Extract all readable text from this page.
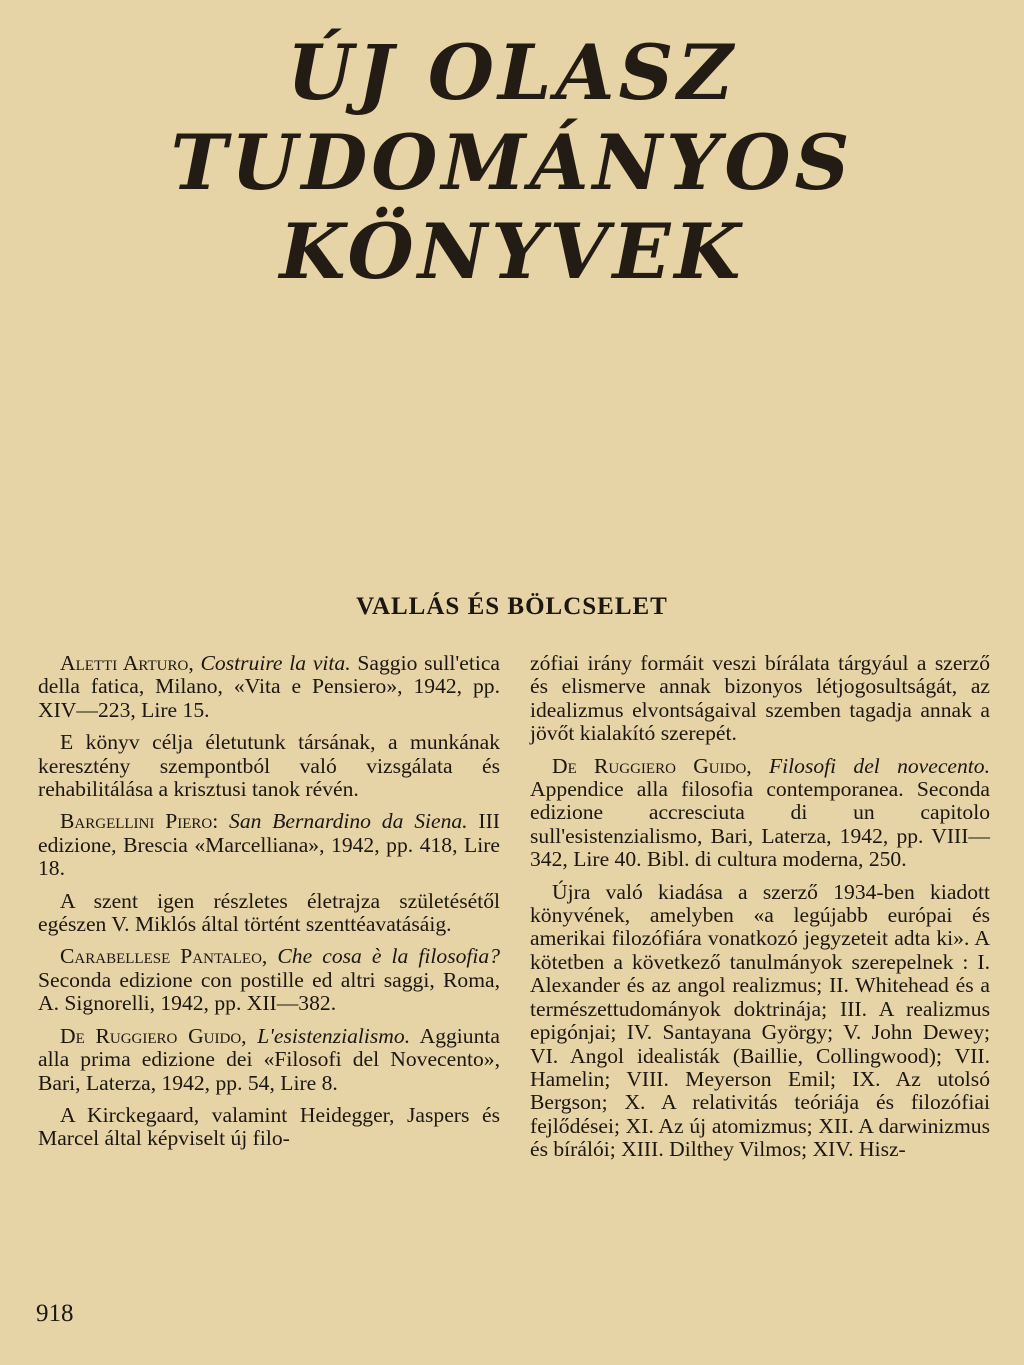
ÚJ OLASZ
TUDOMÁNYOS KÖNYVEK
VALLÁS ÉS BÖLCSELET

Aletti Arturo, Costruire la vita. Saggio sull'etica della fatica, Milano, «Vita e Pensiero», 1942, pp. XIV—223, Lire 15.

E könyv célja életutunk társának, a munkának keresztény szempontból való vizsgálata és rehabilitálása a krisztusi tanok révén.

Bargellini Piero: San Bernardino da Siena. III edizione, Brescia «Marcelliana», 1942, pp. 418, Lire 18.

A szent igen részletes életrajza születésétől egészen V. Miklós által történt szenttéavatásáig.

Carabellese Pantaleo, Che cosa è la filosofia? Seconda edizione con postille ed altri saggi, Roma, A. Signorelli, 1942, pp. XII—382.

De Ruggiero Guido, L'esistenzialismo. Aggiunta alla prima edizione dei «Filosofi del Novecento», Bari, Laterza, 1942, pp. 54, Lire 8.

A Kirckegaard, valamint Heidegger, Jaspers és Marcel által képviselt új filo-

zófiai irány formáit veszi bírálata tárgyául a szerző és elismerve annak bizonyos létjogosultságát, az idealizmus elvontságaival szemben tagadja annak a jövőt kialakító szerepét.

De Ruggiero Guido, Filosofi del novecento. Appendice alla filosofia contemporanea. Seconda edizione accresciuta di un capitolo sull'esistenzialismo, Bari, Laterza, 1942, pp. VIII—342, Lire 40. Bibl. di cultura moderna, 250.

Újra való kiadása a szerző 1934-ben kiadott könyvének, amelyben «a legújabb európai és amerikai filozófiára vonatkozó jegyzeteit adta ki». A kötetben a következő tanulmányok szerepelnek : I. Alexander és az angol realizmus; II. Whitehead és a természettudományok doktrinája; III. A realizmus epigónjai; IV. Santayana György; V. John Dewey; VI. Angol idealisták (Baillie, Collingwood); VII. Hamelin; VIII. Meyerson Emil; IX. Az utolsó Bergson; X. A relativitás teóriája és filozófiai fejlődései; XI. Az új atomizmus; XII. A darwinizmus és bírálói; XIII. Dilthey Vilmos; XIV. Hisz-

918
